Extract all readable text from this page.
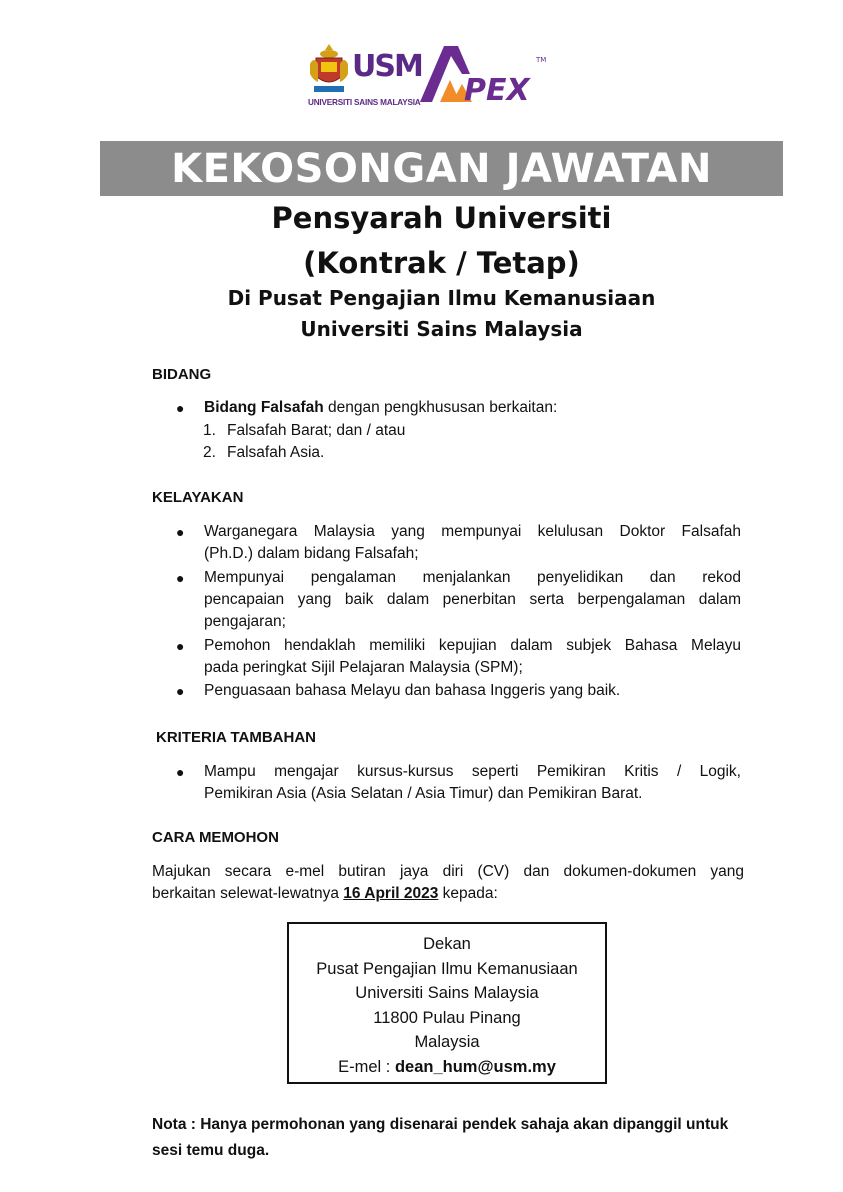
USM
UNIVERSITI SAINS MALAYSIA PEX
TM
KEKOSONGAN JAWATAN
Pensyarah Universiti
(Kontrak / Tetap)
Di Pusat Pengajian Ilmu Kemanusiaan
Universiti Sains Malaysia
BIDANG
●	Bidang Falsafah dengan pengkhususan berkaitan:
1. Falsafah Barat; dan / atau
2. Falsafah Asia.
KELAYAKAN
●	Warganegara Malaysia yang mempunyai kelulusan Doktor Falsafah
(Ph.D.) dalam bidang Falsafah;
●	Mempunyai pengalaman menjalankan penyelidikan dan rekod
pencapaian yang baik dalam penerbitan serta berpengalaman dalam
pengajaran;
●	Pemohon hendaklah memiliki kepujian dalam subjek Bahasa Melayu
pada peringkat Sijil Pelajaran Malaysia (SPM);
●	Penguasaan bahasa Melayu dan bahasa Inggeris yang baik.
KRITERIA TAMBAHAN
●	Mampu mengajar kursus-kursus seperti Pemikiran Kritis / Logik,
Pemikiran Asia (Asia Selatan / Asia Timur) dan Pemikiran Barat.
CARA MEMOHON
Majukan secara e-mel butiran jaya diri (CV) dan dokumen-dokumen yang
berkaitan selewat-lewatnya 16 April 2023 kepada:
Dekan
Pusat Pengajian Ilmu Kemanusiaan
Universiti Sains Malaysia
11800 Pulau Pinang
Malaysia
E-mel : dean_hum@usm.my
Nota : Hanya permohonan yang disenarai pendek sahaja akan dipanggil untuk
sesi temu duga.
